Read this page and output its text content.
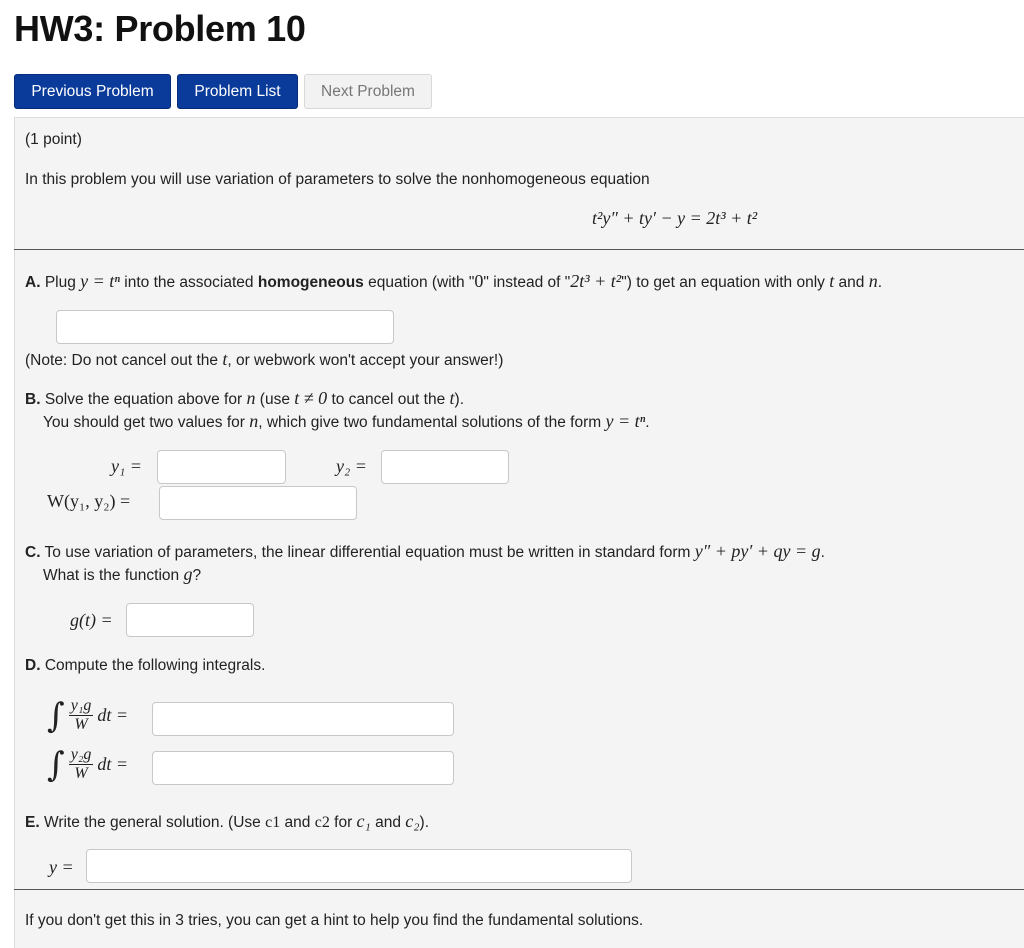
HW3: Problem 10
Previous Problem	Problem List	Next Problem
(1 point)
In this problem you will use variation of parameters to solve the nonhomogeneous equation
t²y″ + ty′ − y = 2t³ + t²
A. Plug y = tⁿ into the associated homogeneous equation (with "0" instead of "2t³ + t²") to get an equation with only t and n.
(Note: Do not cancel out the t, or webwork won't accept your answer!)
B. Solve the equation above for n (use t ≠ 0 to cancel out the t).
You should get two values for n, which give two fundamental solutions of the form y = tⁿ.
y₁ =	y₂ =
W(y₁, y₂) =
C. To use variation of parameters, the linear differential equation must be written in standard form y″ + py′ + qy = g.
What is the function g?
g(t) =
D. Compute the following integrals.
∫ $\frac{\text{y₁g}}{W}$ dt =
∫ $\frac{\text{y₂g}}{W}$ dt =
E. Write the general solution. (Use c1 and c2 for c₁ and c₂).
y =
If you don't get this in 3 tries, you can get a hint to help you find the fundamental solutions.
